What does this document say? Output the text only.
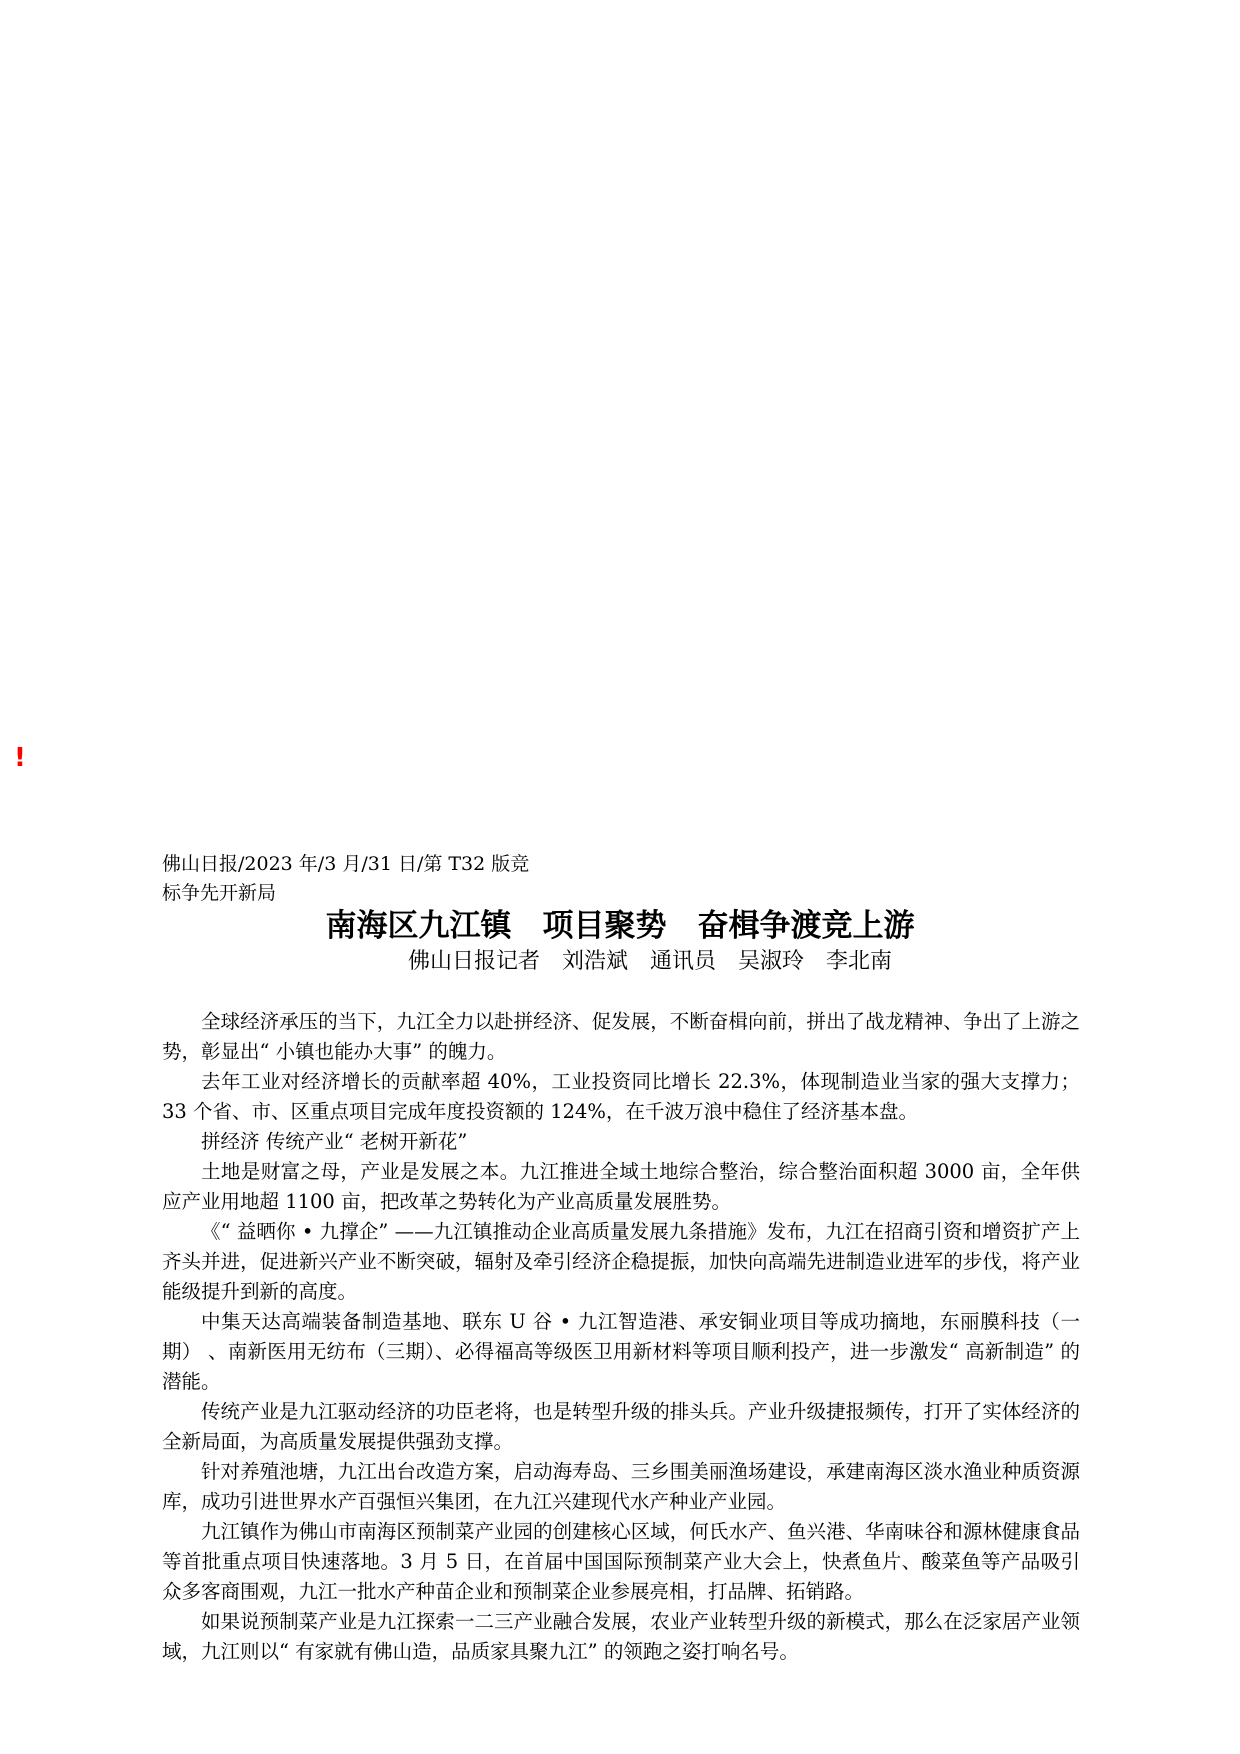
!
佛山日报/2023 年/3 月/31 日/第 T32 版竞标争先开新局
南海区九江镇　项目聚势　奋楫争渡竞上游
佛山日报记者　刘浩斌　通讯员　吴淑玲　李北南

全球经济承压的当下，九江全力以赴拼经济、促发展，不断奋楫向前，拼出了战龙精神、争出了上游之势，彰显出“ 小镇也能办大事” 的魄力。

去年工业对经济增长的贡献率超 40%，工业投资同比增长 22.3%，体现制造业当家的强大支撑力；33 个省、市、区重点项目完成年度投资额的 124%，在千波万浪中稳住了经济基本盘。

拼经济 传统产业“ 老树开新花”

土地是财富之母，产业是发展之本。九江推进全域土地综合整治，综合整治面积超 3000 亩，全年供应产业用地超 1100 亩，把改革之势转化为产业高质量发展胜势。

《“ 益晒你 • 九撑企” ——九江镇推动企业高质量发展九条措施》发布，九江在招商引资和增资扩产上齐头并进，促进新兴产业不断突破，辐射及牵引经济企稳提振，加快向高端先进制造业进军的步伐，将产业能级提升到新的高度。

中集天达高端装备制造基地、联东 U 谷 • 九江智造港、承安铜业项目等成功摘地，东丽膜科技（一期） 、南新医用无纺布（三期）、必得福高等级医卫用新材料等项目顺利投产，进一步激发“ 高新制造” 的潜能。

传统产业是九江驱动经济的功臣老将，也是转型升级的排头兵。产业升级捷报频传，打开了实体经济的全新局面，为高质量发展提供强劲支撑。

针对养殖池塘，九江出台改造方案，启动海寿岛、三乡围美丽渔场建设，承建南海区淡水渔业种质资源库，成功引进世界水产百强恒兴集团，在九江兴建现代水产种业产业园。

九江镇作为佛山市南海区预制菜产业园的创建核心区域，何氏水产、鱼兴港、华南味谷和源林健康食品等首批重点项目快速落地。3 月 5 日，在首届中国国际预制菜产业大会上，快煮鱼片、酸菜鱼等产品吸引众多客商围观，九江一批水产种苗企业和预制菜企业参展亮相，打品牌、拓销路。

如果说预制菜产业是九江探索一二三产业融合发展，农业产业转型升级的新模式，那么在泛家居产业领域，九江则以“ 有家就有佛山造，品质家具聚九江” 的领跑之姿打响名号。
